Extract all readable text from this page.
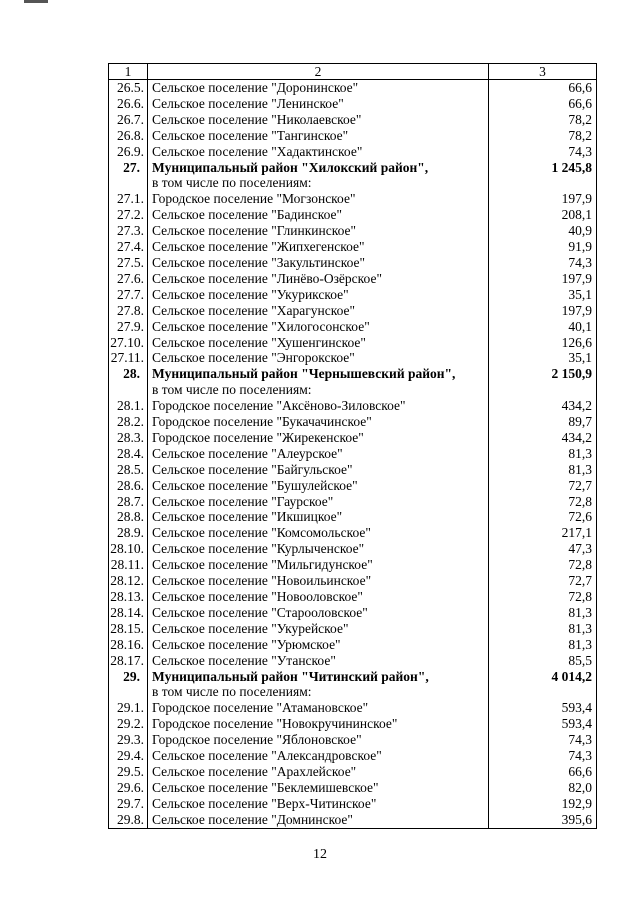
1	2	3
26.5.	Сельское поселение "Доронинское"	66,6
26.6.	Сельское поселение "Ленинское"	66,6
26.7.	Сельское поселение "Николаевское"	78,2
26.8.	Сельское поселение "Тангинское"	78,2
26.9.	Сельское поселение "Хадактинское"	74,3
27.	Муниципальный район "Хилокский район",	1 245,8
	в том числе по поселениям:	
27.1.	Городское поселение "Могзонское"	197,9
27.2.	Сельское поселение "Бадинское"	208,1
27.3.	Сельское поселение "Глинкинское"	40,9
27.4.	Сельское поселение "Жипхегенское"	91,9
27.5.	Сельское поселение "Закультинское"	74,3
27.6.	Сельское поселение "Линёво-Озёрское"	197,9
27.7.	Сельское поселение "Укурикское"	35,1
27.8.	Сельское поселение "Харагунское"	197,9
27.9.	Сельское поселение "Хилогосонское"	40,1
27.10.	Сельское поселение "Хушенгинское"	126,6
27.11.	Сельское поселение "Энгорокское"	35,1
28.	Муниципальный район "Чернышевский район",	2 150,9
	в том числе по поселениям:	
28.1.	Городское поселение "Аксёново-Зиловское"	434,2
28.2.	Городское поселение "Букачачинское"	89,7
28.3.	Городское поселение "Жирекенское"	434,2
28.4.	Сельское поселение "Алеурское"	81,3
28.5.	Сельское поселение "Байгульское"	81,3
28.6.	Сельское поселение "Бушулейское"	72,7
28.7.	Сельское поселение "Гаурское"	72,8
28.8.	Сельское поселение "Икшицкое"	72,6
28.9.	Сельское поселение "Комсомольское"	217,1
28.10.	Сельское поселение "Курлыченское"	47,3
28.11.	Сельское поселение "Мильгидунское"	72,8
28.12.	Сельское поселение "Новоильинское"	72,7
28.13.	Сельское поселение "Новооловское"	72,8
28.14.	Сельское поселение "Старооловское"	81,3
28.15.	Сельское поселение "Укурейское"	81,3
28.16.	Сельское поселение "Урюмское"	81,3
28.17.	Сельское поселение "Утанское"	85,5
29.	Муниципальный район "Читинский район",	4 014,2
	в том числе по поселениям:	
29.1.	Городское поселение "Атамановское"	593,4
29.2.	Городское поселение "Новокручининское"	593,4
29.3.	Городское поселение "Яблоновское"	74,3
29.4.	Сельское поселение "Александровское"	74,3
29.5.	Сельское поселение "Арахлейское"	66,6
29.6.	Сельское поселение "Беклемишевское"	82,0
29.7.	Сельское поселение "Верх-Читинское"	192,9
29.8.	Сельское поселение "Домнинское"	395,6
12
